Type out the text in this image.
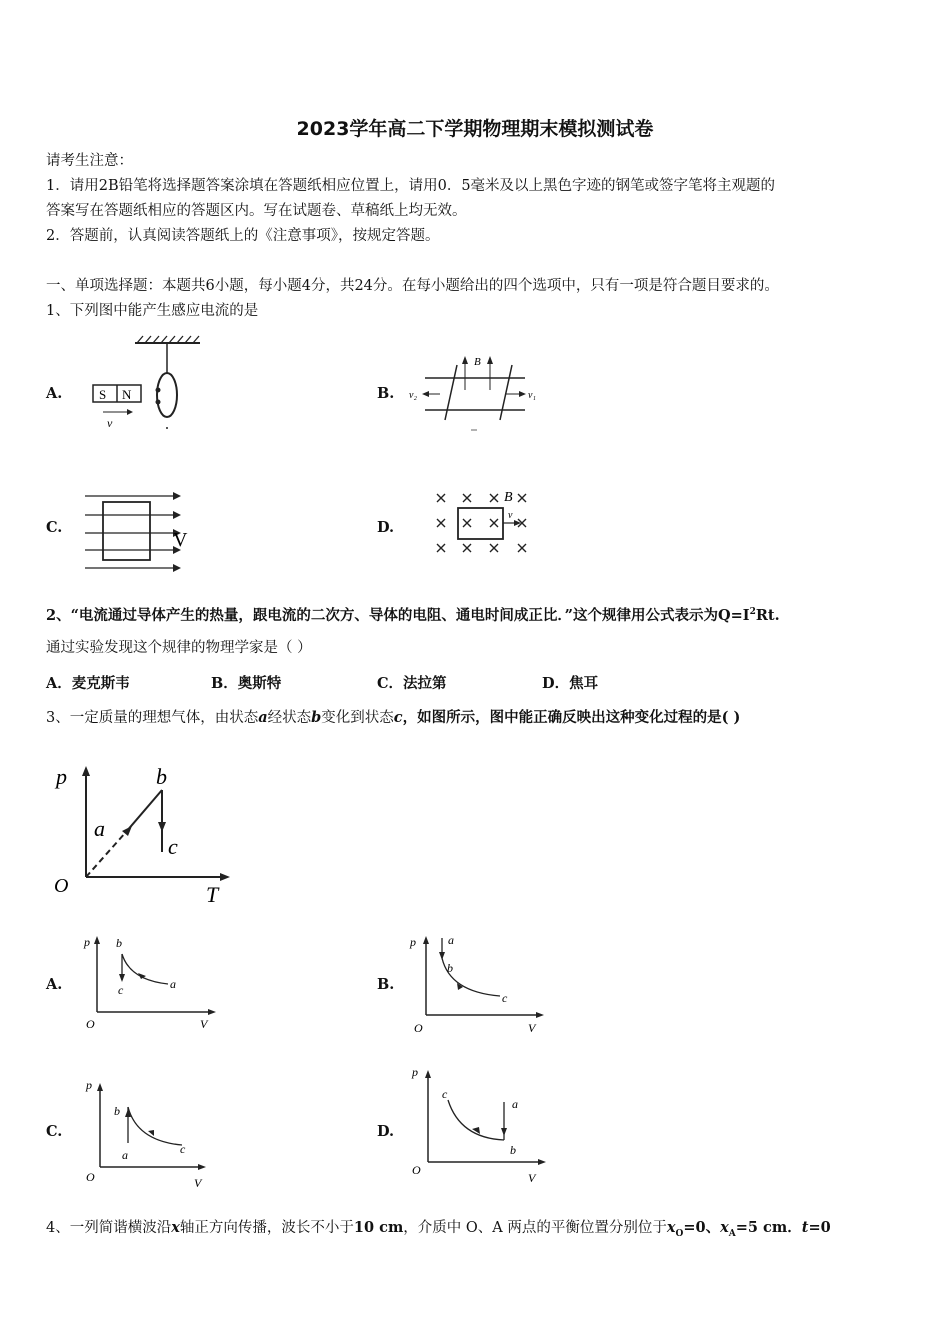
2023学年高二下学期物理期末模拟测试卷
请考生注意：
1．请用2B铅笔将选择题答案涂填在答题纸相应位置上，请用0．5毫米及以上黑色字迹的钢笔或签字笔将主观题的
答案写在答题纸相应的答题区内。写在试题卷、草稿纸上均无效。
2．答题前，认真阅读答题纸上的《注意事项》，按规定答题。
一、单项选择题：本题共6小题，每小题4分，共24分。在每小题给出的四个选项中，只有一项是符合题目要求的。
1、下列图中能产生感应电流的是
A.	S N
v
B.
B
v₂	v₁
C.
V
D.
B
v
2、“电流通过导体产生的热量，跟电流的二次方、导体的电阻、通电时间成正比．”这个规律用公式表示为$Q=I^2Rt$.
通过实验发现这个规律的物理学家是（ ）
A．麦克斯韦	B．奥斯特	C．法拉第	D．焦耳
3、一定质量的理想气体，由状态a经状态b变化到状态c，如图所示，图中能正确反映出这种变化过程的是( )
p
T
O
a
b
c
A.
p
O	V
b
c	a	B.
p
O	V
a
b
c
C.
p
O	V
b
a	c
D.
p
O
V
c
a
b
4、一列简谐横波沿x轴正方向传播，波长不小于10 cm，介质中 O、A 两点的平衡位置分别位于$x_O=0$、$x_A=5$ cm．t=0
